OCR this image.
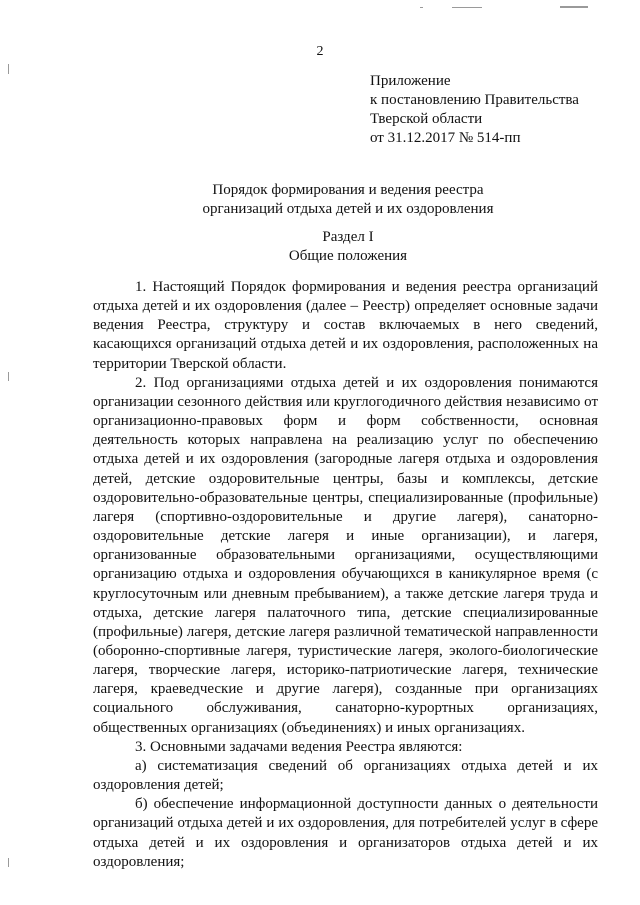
2
Приложение
к постановлению Правительства
Тверской области
от 31.12.2017 № 514-пп
Порядок формирования и ведения реестра
организаций отдыха детей и их оздоровления
Раздел I
Общие положения

1. Настоящий Порядок формирования и ведения реестра организаций отдыха детей и их оздоровления (далее – Реестр) определяет основные задачи ведения Реестра, структуру и состав включаемых в него сведений, касающихся организаций отдыха детей и их оздоровления, расположенных на территории Тверской области.

2. Под организациями отдыха детей и их оздоровления понимаются организации сезонного действия или круглогодичного действия независимо от организационно-правовых форм и форм собственности, основная деятельность которых направлена на реализацию услуг по обеспечению отдыха детей и их оздоровления (загородные лагеря отдыха и оздоровления детей, детские оздоровительные центры, базы и комплексы, детские оздоровительно-образовательные центры, специализированные (профильные) лагеря (спортивно-оздоровительные и другие лагеря), санаторно-оздоровительные детские лагеря и иные организации), и лагеря, организованные образовательными организациями, осуществляющими организацию отдыха и оздоровления обучающихся в каникулярное время (с круглосуточным или дневным пребыванием), а также детские лагеря труда и отдыха, детские лагеря палаточного типа, детские специализированные (профильные) лагеря, детские лагеря различной тематической направленности (оборонно-спортивные лагеря, туристические лагеря, эколого-биологические лагеря, творческие лагеря, историко-патриотические лагеря, технические лагеря, краеведческие и другие лагеря), созданные при организациях социального обслуживания, санаторно-курортных организациях, общественных организациях (объединениях) и иных организациях.

3. Основными задачами ведения Реестра являются:

а) систематизация сведений об организациях отдыха детей и их оздоровления детей;

б) обеспечение информационной доступности данных о деятельности организаций отдыха детей и их оздоровления, для потребителей услуг в сфере отдыха детей и их оздоровления и организаторов отдыха детей и их оздоровления;
